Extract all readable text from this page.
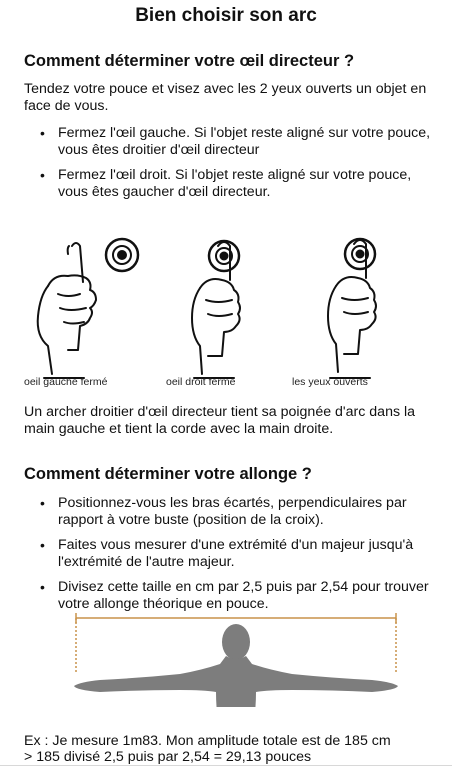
Bien choisir son arc
Comment déterminer votre œil directeur ?
Tendez votre pouce et visez avec les 2 yeux ouverts un objet en face de vous.
• Fermez l'œil gauche. Si l'objet reste aligné sur votre pouce, vous êtes droitier d'œil directeur
• Fermez l'œil droit. Si l'objet reste aligné sur votre pouce, vous êtes gaucher d'œil directeur.
oeil gauche fermé	oeil droit fermé	les yeux ouverts
Un archer droitier d'œil directeur tient sa poignée d'arc dans la main gauche et tient la corde avec la main droite.
Comment déterminer votre allonge ?
• Positionnez-vous les bras écartés, perpendiculaires par rapport à votre buste (position de la croix).
• Faites vous mesurer d'une extrémité d'un majeur jusqu'à l'extrémité de l'autre majeur.
• Divisez cette taille en cm par 2,5 puis par 2,54 pour trouver votre allonge théorique en pouce.
Ex : Je mesure 1m83. Mon amplitude totale est de 185 cm
> 185 divisé 2,5 puis par 2,54 = 29,13 pouces
